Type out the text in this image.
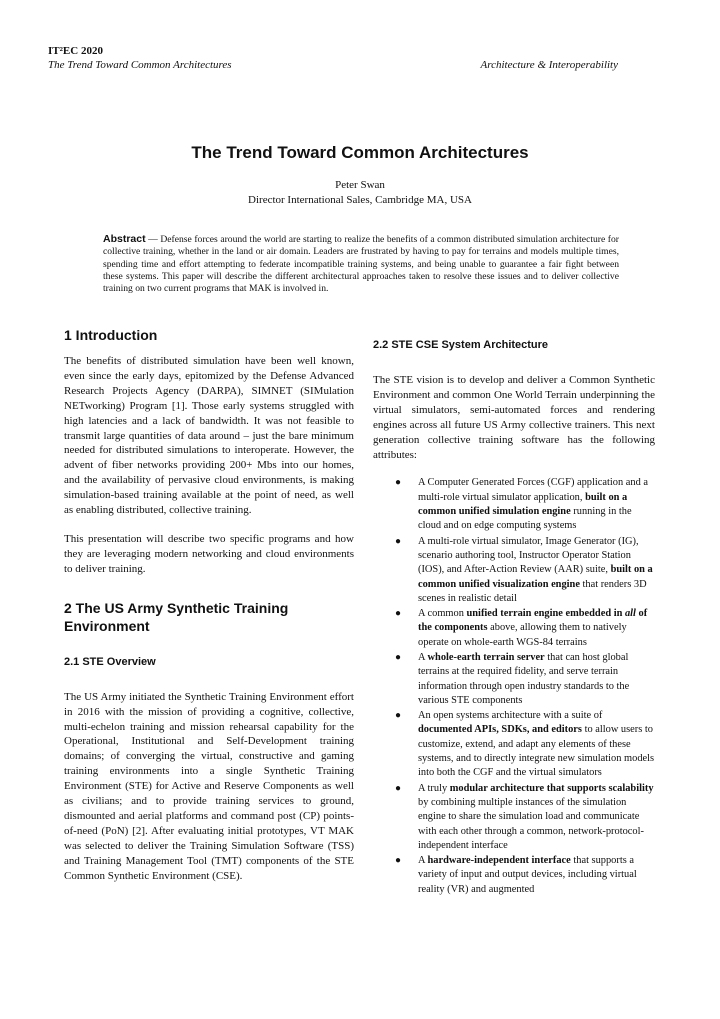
IT²EC 2020
The Trend Toward Common Architectures	Architecture & Interoperability
The Trend Toward Common Architectures
Peter Swan
Director International Sales, Cambridge MA, USA
Abstract — Defense forces around the world are starting to realize the benefits of a common distributed simulation architecture for collective training, whether in the land or air domain. Leaders are frustrated by having to pay for terrains and models multiple times, spending time and effort attempting to federate incompatible training systems, and being unable to guarantee a fair fight between these systems. This paper will describe the different architectural approaches taken to resolve these issues and to deliver collective training on two current programs that MAK is involved in.
1 Introduction

The benefits of distributed simulation have been well known, even since the early days, epitomized by the Defense Advanced Research Projects Agency (DARPA), SIMNET (SIMulation NETworking) Program [1]. Those early systems struggled with high latencies and a lack of bandwidth. It was not feasible to transmit large quantities of data around – just the bare minimum needed for distributed simulations to interoperate. However, the advent of fiber networks providing 200+ Mbs into our homes, and the availability of pervasive cloud environments, is making simulation-based training available at the point of need, as well as enabling distributed, collective training.

This presentation will describe two specific programs and how they are leveraging modern networking and cloud environments to deliver training.

2 The US Army Synthetic Training Environment
2.1 STE Overview

The US Army initiated the Synthetic Training Environment effort in 2016 with the mission of providing a cognitive, collective, multi-echelon training and mission rehearsal capability for the Operational, Institutional and Self-Development training domains; of converging the virtual, constructive and gaming training environments into a single Synthetic Training Environment (STE) for Active and Reserve Components as well as civilians; and to provide training services to ground, dismounted and aerial platforms and command post (CP) points-of-need (PoN) [2]. After evaluating initial prototypes, VT MAK was selected to deliver the Training Simulation Software (TSS) and Training Management Tool (TMT) components of the STE Common Synthetic Environment (CSE).

2.2 STE CSE System Architecture

The STE vision is to develop and deliver a Common Synthetic Environment and common One World Terrain underpinning the virtual simulators, semi-automated forces and rendering engines across all future US Army collective trainers. This next generation collective training software has the following attributes:

● A Computer Generated Forces (CGF) application and a multi-role virtual simulator application, built on a common unified simulation engine running in the cloud and on edge computing systems
● A multi-role virtual simulator, Image Generator (IG), scenario authoring tool, Instructor Operator Station (IOS), and After-Action Review (AAR) suite, built on a common unified visualization engine that renders 3D scenes in realistic detail
● A common unified terrain engine embedded in all of the components above, allowing them to natively operate on whole-earth WGS-84 terrains
● A whole-earth terrain server that can host global terrains at the required fidelity, and serve terrain information through open industry standards to the various STE components
● An open systems architecture with a suite of documented APIs, SDKs, and editors to allow users to customize, extend, and adapt any elements of these systems, and to directly integrate new simulation models into both the CGF and the virtual simulators
● A truly modular architecture that supports scalability by combining multiple instances of the simulation engine to share the simulation load and communicate with each other through a common, network-protocol-independent interface
● A hardware-independent interface that supports a variety of input and output devices, including virtual reality (VR) and augmented
